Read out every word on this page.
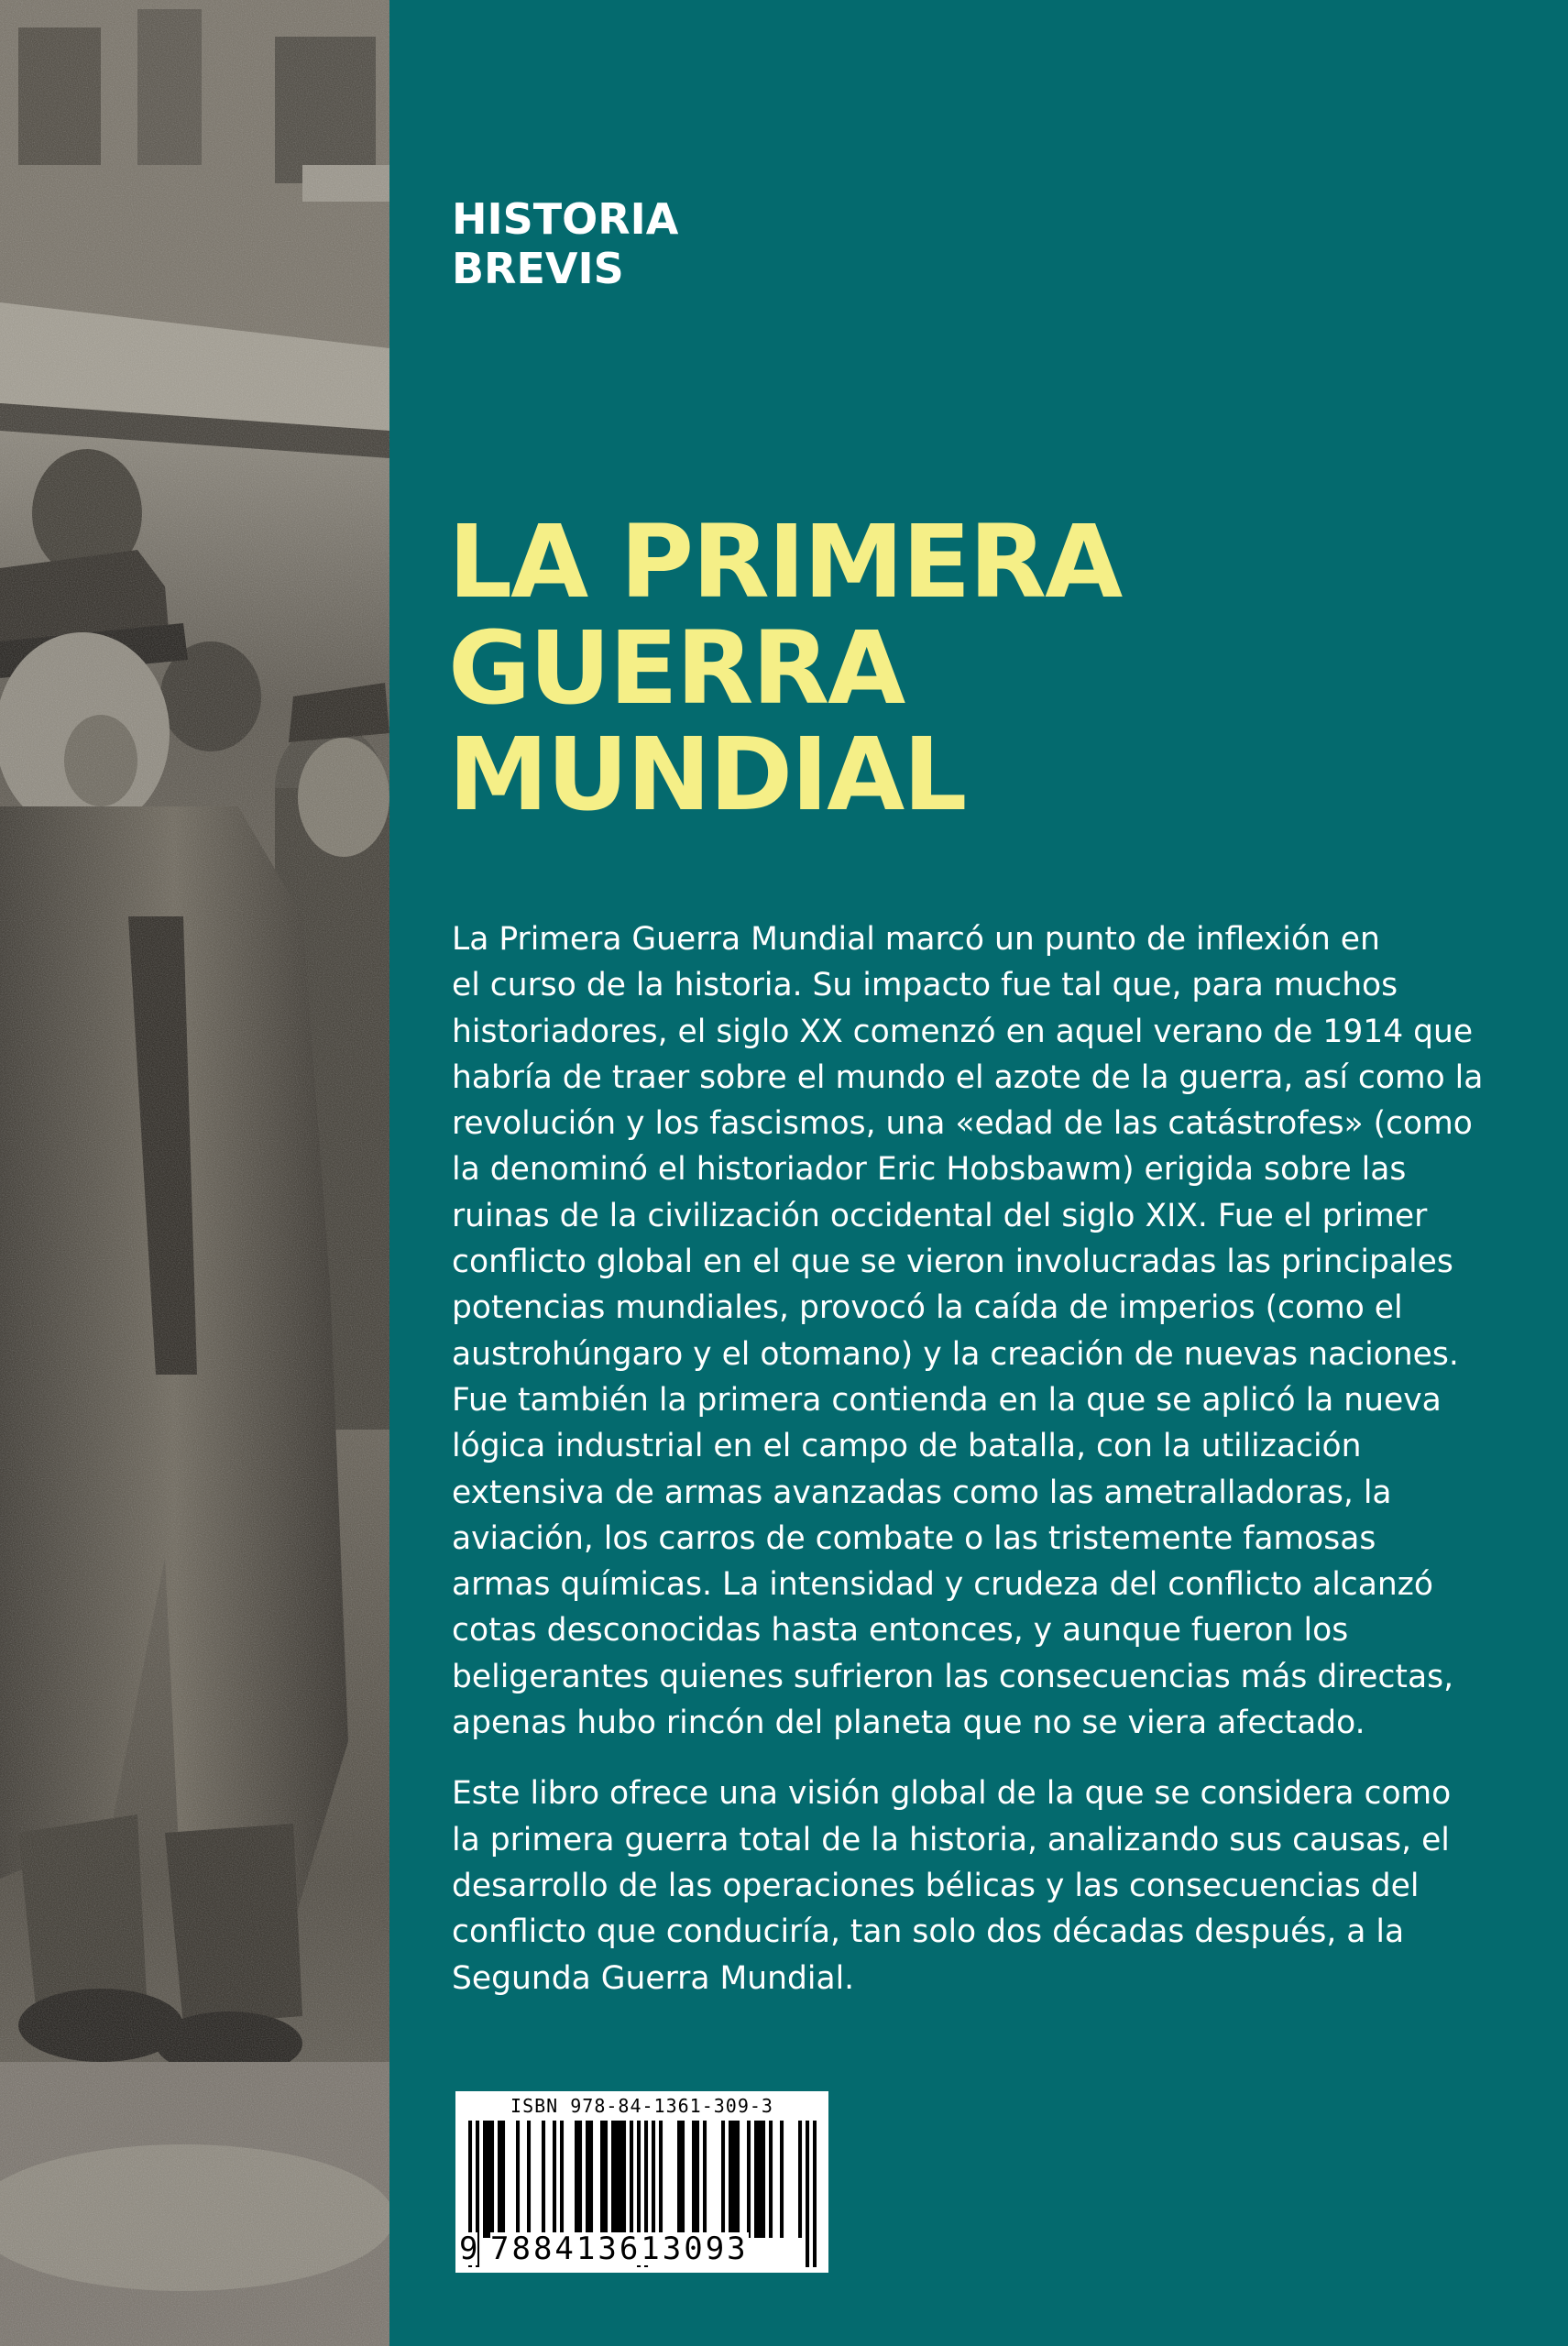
HISTORIA
BREVIS
LA PRIMERA
GUERRA
MUNDIAL

La Primera Guerra Mundial marcó un punto de inflexión en
el curso de la historia. Su impacto fue tal que, para muchos
historiadores, el siglo XX comenzó en aquel verano de 1914 que
habría de traer sobre el mundo el azote de la guerra, así como la
revolución y los fascismos, una «edad de las catástrofes» (como
la denominó el historiador Eric Hobsbawm) erigida sobre las
ruinas de la civilización occidental del siglo XIX. Fue el primer
conflicto global en el que se vieron involucradas las principales
potencias mundiales, provocó la caída de imperios (como el
austrohúngaro y el otomano) y la creación de nuevas naciones.
Fue también la primera contienda en la que se aplicó la nueva
lógica industrial en el campo de batalla, con la utilización
extensiva de armas avanzadas como las ametralladoras, la
aviación, los carros de combate o las tristemente famosas
armas químicas. La intensidad y crudeza del conflicto alcanzó
cotas desconocidas hasta entonces, y aunque fueron los
beligerantes quienes sufrieron las consecuencias más directas,
apenas hubo rincón del planeta que no se viera afectado.

Este libro ofrece una visión global de la que se considera como
la primera guerra total de la historia, analizando sus causas, el
desarrollo de las operaciones bélicas y las consecuencias del
conflicto que conduciría, tan solo dos décadas después, a la
Segunda Guerra Mundial.

ISBN 978-84-1361-309-3
9 788413613093
